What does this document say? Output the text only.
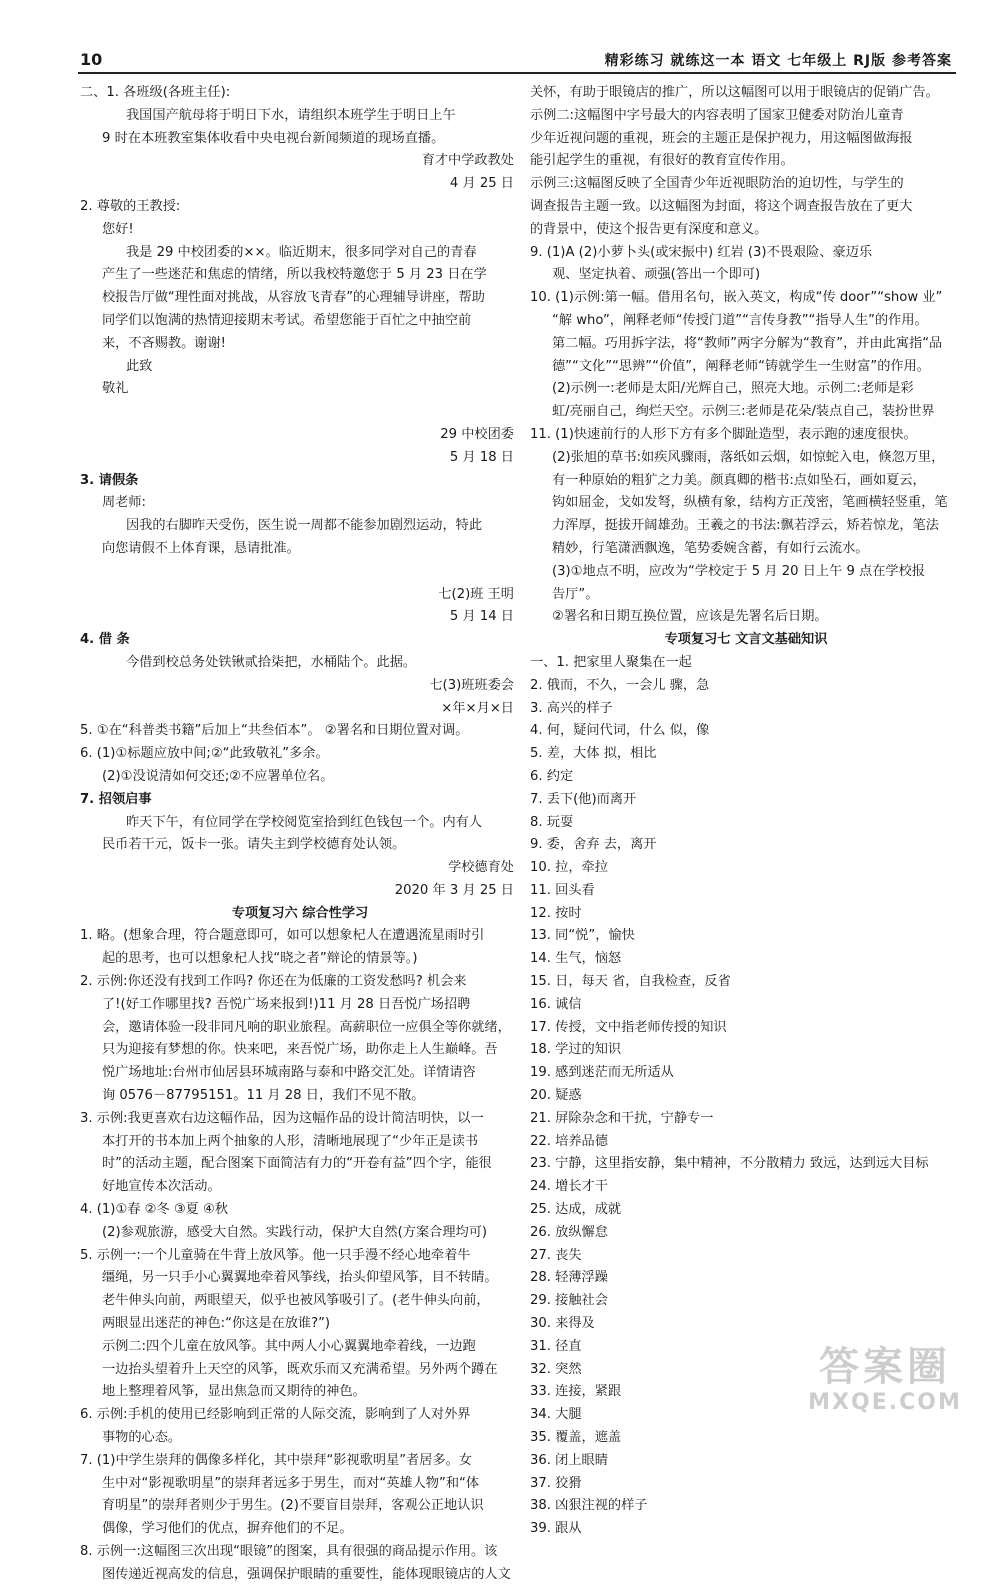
10	精彩练习 就练这一本 语文 七年级上 RJ版 参考答案
二、1. 各班级(各班主任):
我国国产航母将于明日下水，请组织本班学生于明日上午
9 时在本班教室集体收看中央电视台新闻频道的现场直播。
育才中学政教处
4 月 25 日
2. 尊敬的王教授:
您好!
我是 29 中校团委的××。临近期末，很多同学对自己的青春
产生了一些迷茫和焦虑的情绪，所以我校特邀您于 5 月 23 日在学
校报告厅做“理性面对挑战，从容放飞青春”的心理辅导讲座，帮助
同学们以饱满的热情迎接期末考试。希望您能于百忙之中抽空前
来，不吝赐教。谢谢!
此致
敬礼

29 中校团委
5 月 18 日
3. 请假条
周老师:
因我的右脚昨天受伤，医生说一周都不能参加剧烈运动，特此
向您请假不上体育课，恳请批准。

七(2)班 王明
5 月 14 日
4. 借 条
今借到校总务处铁锹贰拾柒把，水桶陆个。此据。
七(3)班班委会
×年×月×日
5. ①在“科普类书籍”后加上“共叁佰本”。 ②署名和日期位置对调。
6. (1)①标题应放中间;②“此致敬礼”多余。
(2)①没说清如何交还;②不应署单位名。
7. 招领启事
昨天下午，有位同学在学校阅览室拾到红色钱包一个。内有人
民币若干元，饭卡一张。请失主到学校德育处认领。
学校德育处
2020 年 3 月 25 日
专项复习六 综合性学习
1. 略。(想象合理，符合题意即可，如可以想象杞人在遭遇流星雨时引
起的思考，也可以想象杞人找“晓之者”辩论的情景等。)
2. 示例:你还没有找到工作吗? 你还在为低廉的工资发愁吗? 机会来
了!(好工作哪里找? 吾悦广场来报到!)11 月 28 日吾悦广场招聘
会，邀请体验一段非同凡响的职业旅程。高薪职位一应俱全等你就绪，
只为迎接有梦想的你。快来吧，来吾悦广场，助你走上人生巅峰。吾
悦广场地址:台州市仙居县环城南路与泰和中路交汇处。详情请咨
询 0576－87795151。11 月 28 日，我们不见不散。
3. 示例:我更喜欢右边这幅作品，因为这幅作品的设计简洁明快，以一
本打开的书本加上两个抽象的人形，清晰地展现了“少年正是读书
时”的活动主题，配合图案下面简洁有力的“开卷有益”四个字，能很
好地宣传本次活动。
4. (1)①春 ②冬 ③夏 ④秋
(2)参观旅游，感受大自然。实践行动，保护大自然(方案合理均可)
5. 示例一:一个儿童骑在牛背上放风筝。他一只手漫不经心地牵着牛
缰绳，另一只手小心翼翼地牵着风筝线，抬头仰望风筝，目不转睛。
老牛伸头向前，两眼望天，似乎也被风筝吸引了。(老牛伸头向前，
两眼显出迷茫的神色:“你这是在放谁?”)
示例二:四个儿童在放风筝。其中两人小心翼翼地牵着线，一边跑
一边抬头望着升上天空的风筝，既欢乐而又充满希望。另外两个蹲在
地上整理着风筝，显出焦急而又期待的神色。
6. 示例:手机的使用已经影响到正常的人际交流，影响到了人对外界
事物的心态。
7. (1)中学生崇拜的偶像多样化，其中崇拜“影视歌明星”者居多。女
生中对“影视歌明星”的崇拜者远多于男生，而对“英雄人物”和“体
育明星”的崇拜者则少于男生。(2)不要盲目崇拜，客观公正地认识
偶像，学习他们的优点，摒弃他们的不足。
8. 示例一:这幅图三次出现“眼镜”的图案，具有很强的商品提示作用。该
图传递近视高发的信息，强调保护眼睛的重要性，能体现眼镜店的人文
关怀，有助于眼镜店的推广，所以这幅图可以用于眼镜店的促销广告。
示例二:这幅图中字号最大的内容表明了国家卫健委对防治儿童青
少年近视问题的重视，班会的主题正是保护视力，用这幅图做海报
能引起学生的重视，有很好的教育宣传作用。
示例三:这幅图反映了全国青少年近视眼防治的迫切性，与学生的
调查报告主题一致。以这幅图为封面，将这个调查报告放在了更大
的背景中，使这个报告更有深度和意义。
9. (1)A (2)小萝卜头(或宋振中) 红岩 (3)不畏艰险、豪迈乐
观、坚定执着、顽强(答出一个即可)
10. (1)示例:第一幅。借用名句，嵌入英文，构成“传 door”“show 业”
“解 who”，阐释老师“传授门道”“言传身教”“指导人生”的作用。
第二幅。巧用拆字法，将“教师”两字分解为“教育”，并由此寓指“品
德”“文化”“思辨”“价值”，阐释老师“铸就学生一生财富”的作用。
(2)示例一:老师是太阳/光辉自己，照亮大地。示例二:老师是彩
虹/亮丽自己，绚烂天空。示例三:老师是花朵/装点自己，装扮世界
11. (1)快速前行的人形下方有多个脚趾造型，表示跑的速度很快。
(2)张旭的草书:如疾风骤雨，落纸如云烟，如惊蛇入电，倏忽万里，
有一种原始的粗犷之力美。颜真卿的楷书:点如坠石，画如夏云，
钩如屈金，戈如发弩，纵横有象，结构方正茂密，笔画横轻竖重，笔
力浑厚，挺拔开阔雄劲。王羲之的书法:飘若浮云，矫若惊龙，笔法
精妙，行笔潇洒飘逸，笔势委婉含蓄，有如行云流水。
(3)①地点不明，应改为“学校定于 5 月 20 日上午 9 点在学校报
告厅”。
②署名和日期互换位置，应该是先署名后日期。
专项复习七 文言文基础知识
一、1. 把家里人聚集在一起
2. 俄而，不久，一会儿 骤，急
3. 高兴的样子
4. 何，疑问代词，什么 似，像
5. 差，大体 拟，相比
6. 约定
7. 丢下(他)而离开
8. 玩耍
9. 委，舍弃 去，离开
10. 拉，牵拉
11. 回头看
12. 按时
13. 同“悦”，愉快
14. 生气，恼怒
15. 日，每天 省，自我检查，反省
16. 诚信
17. 传授，文中指老师传授的知识
18. 学过的知识
19. 感到迷茫而无所适从
20. 疑惑
21. 屏除杂念和干扰，宁静专一
22. 培养品德
23. 宁静，这里指安静，集中精神，不分散精力 致远，达到远大目标
24. 增长才干
25. 达成，成就
26. 放纵懈怠
27. 丧失
28. 轻薄浮躁
29. 接触社会
30. 来得及
31. 径直
32. 突然
33. 连接，紧跟
34. 大腿
35. 覆盖，遮盖
36. 闭上眼睛
37. 狡猾
38. 凶狠注视的样子
39. 跟从
答案圈
MXQE.COM
